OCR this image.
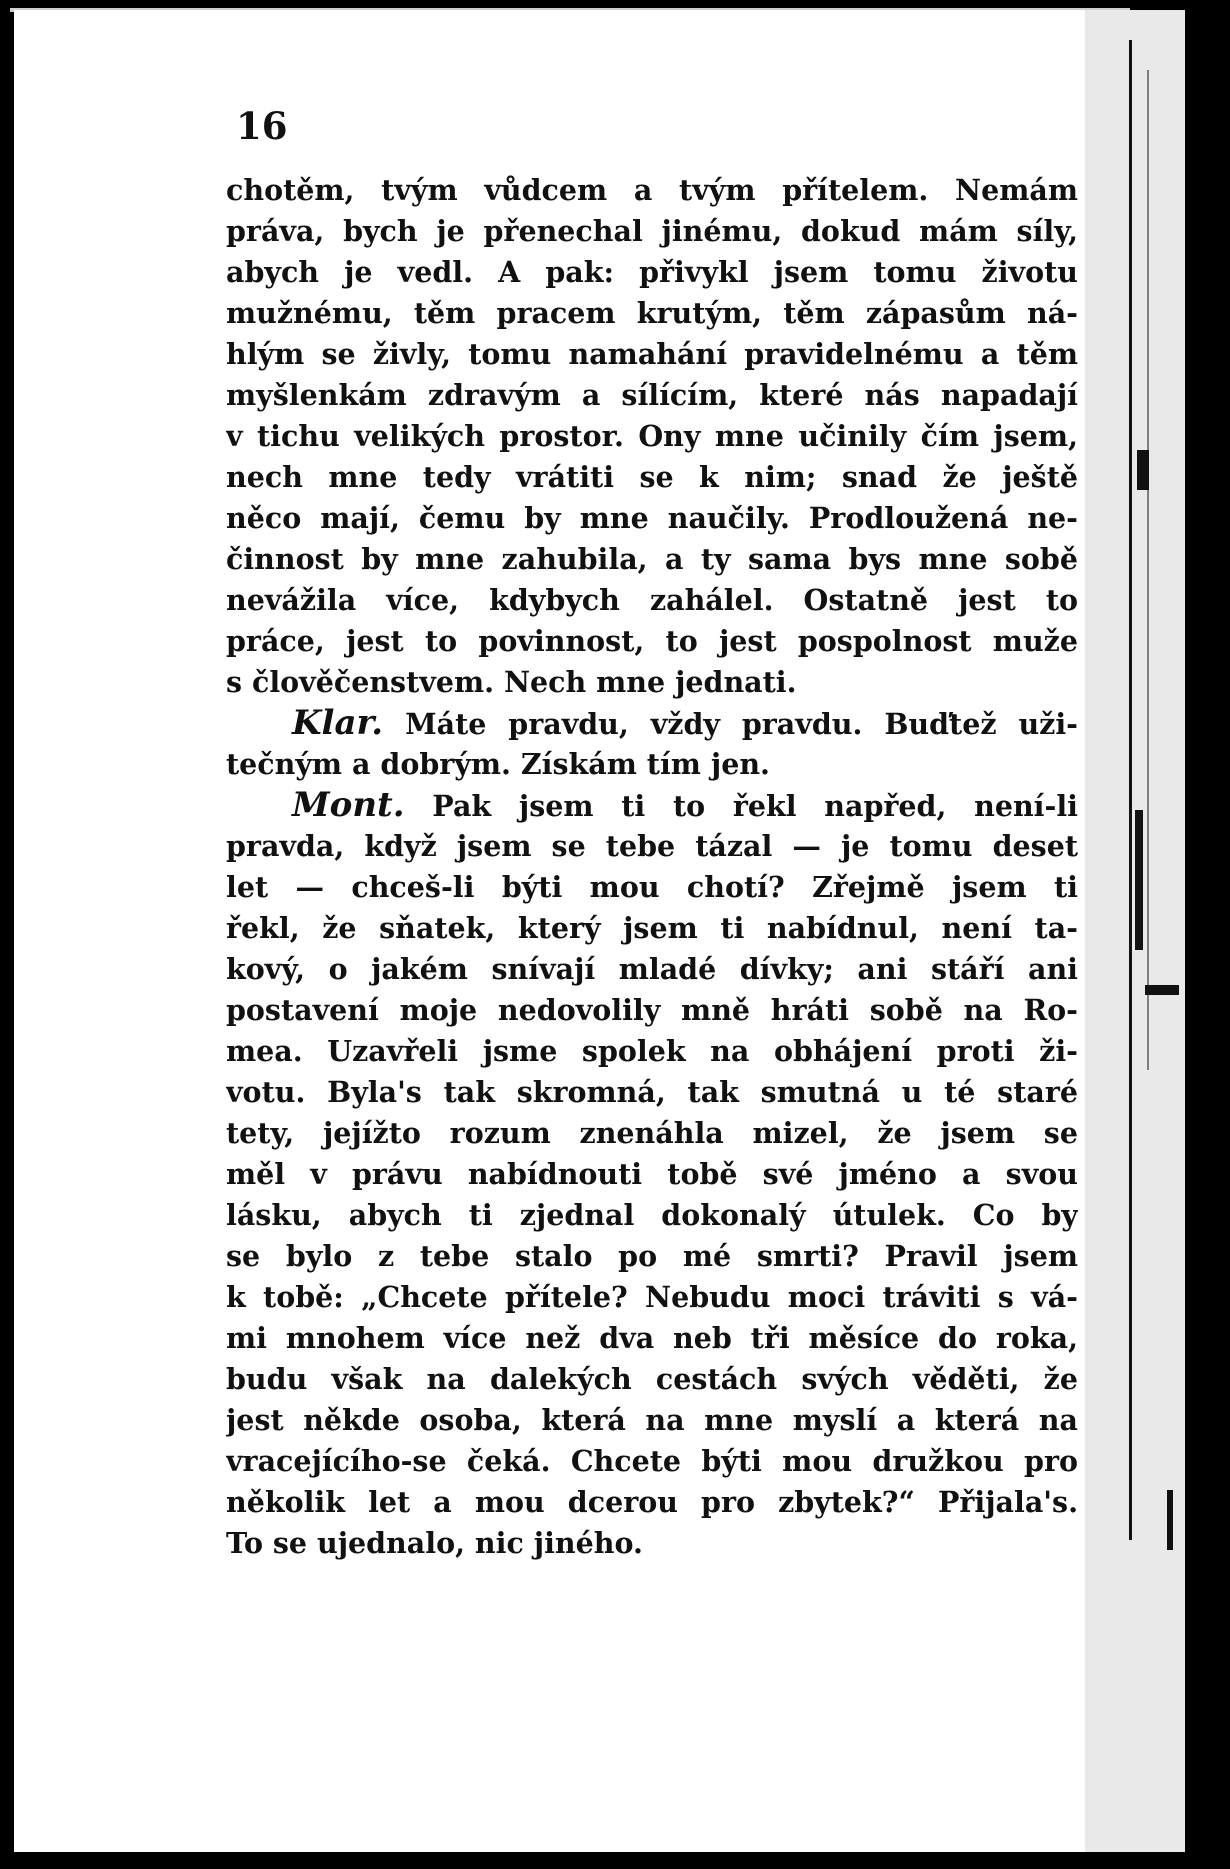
16
chotěm, tvým vůdcem a tvým přítelem. Nemám
práva, bych je přenechal jinému, dokud mám síly,
abych je vedl. A pak: přivykl jsem tomu životu
mužnému, těm pracem krutým, těm zápasům ná-
hlým se živly, tomu namahání pravidelnému a těm
myšlenkám zdravým a sílícím, které nás napadají
v tichu velikých prostor. Ony mne učinily čím jsem,
nech mne tedy vrátiti se k nim; snad že ještě
něco mají, čemu by mne naučily. Prodloužená ne-
činnost by mne zahubila, a ty sama bys mne sobě
nevážila více, kdybych zahálel. Ostatně jest to
práce, jest to povinnost, to jest pospolnost muže
s člověčenstvem. Nech mne jednati.
Klar. Máte pravdu, vždy pravdu. Buďtež uži-
tečným a dobrým. Získám tím jen.
Mont. Pak jsem ti to řekl napřed, není-li
pravda, když jsem se tebe tázal — je tomu deset
let — chceš-li býti mou chotí? Zřejmě jsem ti
řekl, že sňatek, který jsem ti nabídnul, není ta-
kový, o jakém snívají mladé dívky; ani stáří ani
postavení moje nedovolily mně hráti sobě na Ro-
mea. Uzavřeli jsme spolek na obhájení proti ži-
votu. Byla's tak skromná, tak smutná u té staré
tety, jejížto rozum znenáhla mizel, že jsem se
měl v právu nabídnouti tobě své jméno a svou
lásku, abych ti zjednal dokonalý útulek. Co by
se bylo z tebe stalo po mé smrti? Pravil jsem
k tobě: „Chcete přítele? Nebudu moci tráviti s vá-
mi mnohem více než dva neb tři měsíce do roka,
budu však na dalekých cestách svých věděti, že
jest někde osoba, která na mne myslí a která na
vracejícího-se čeká. Chcete býti mou družkou pro
několik let a mou dcerou pro zbytek?“ Přijala's.
To se ujednalo, nic jiného.
